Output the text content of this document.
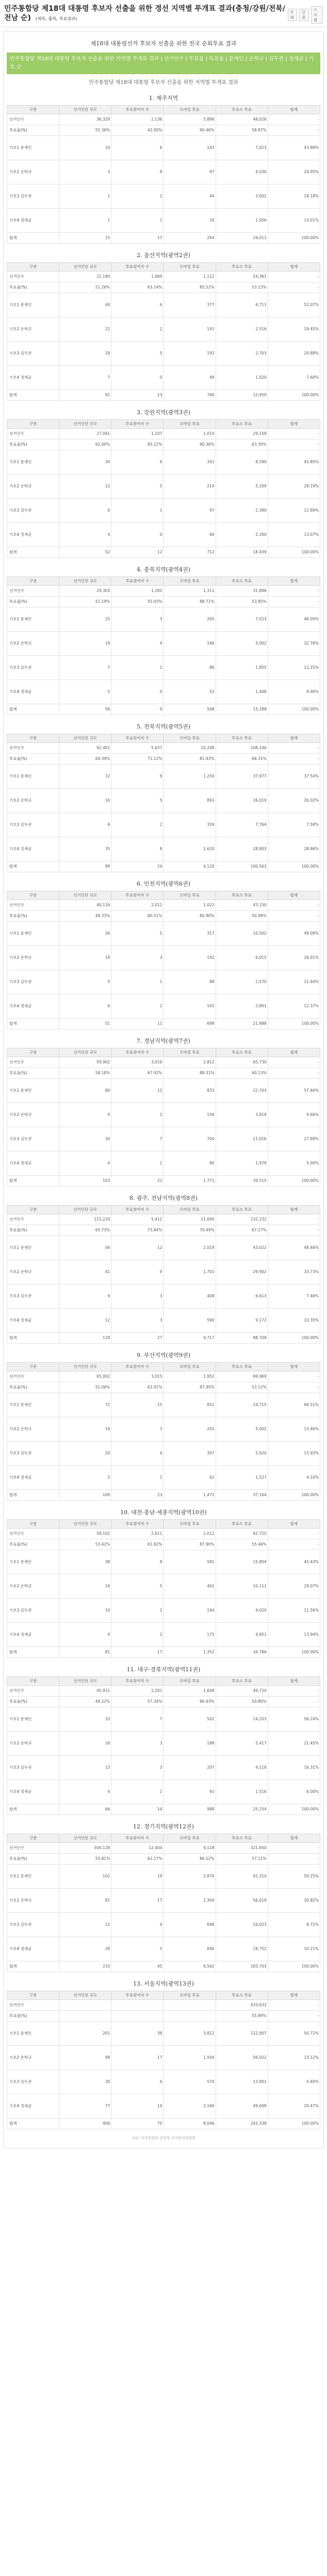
민주통합당 제18대 대통령 후보자 선출을 위한 경선 지역별 투개표 결과(충청/강원/전북/전남 순) (제목, 출처, 투표결과)
인쇄
글꼴
스크랩
제18대 대통령선거 후보자 선출을 위한 전국 순회투표 결과
민주통합당 제18대 대통령 후보자 선출을 위한 지역별 투개표 결과 | 선거인수 | 투표율 | 득표율 | 문재인 | 손학규 | 김두관 | 정세균 | 기호 순
민주통합당 제18대 대통령 후보자 선출을 위한 지역별 투개표 결과
1. 제주지역
구분	선거인단 규모	투표참여자 수	모바일 투표	투표소 투표	합계
선거인수	36,329	2,136	5,896	48,026	-
투표율(%)	55.36%	42.00%	90.46%	58.87%	-
기호1 문재인	10	6	103	7,023	43.88%
기호2 손학규	3	8	97	4,030	24.95%
기호3 김두관	1	2	44	3,002	18.18%
기호4 정세균	1	1	20	1,956	13.01%
합계	15	17	264	16,011	100.00%
2. 울산지역(광역2권)
구분	선거인단 규모	투표참여자 수	모바일 투표	투표소 투표	합계
선거인수	22,180	1,069	1,112	24,361	-
투표율(%)	51.26%	63.14%	85.52%	53.13%	-
기호1 문재인	44	6	377	6,711	52.07%
기호2 손학규	22	2	141	2,516	19.45%
기호3 김두관	18	5	193	2,703	20.88%
기호4 정세균	7	0	49	1,020	7.60%
합계	91	13	760	12,950	100.00%
3. 강원지역(광역3권)
구분	선거인단 규모	투표참여자 수	모바일 투표	투표소 투표	합계
선거인수	27,041	1,107	1,010	29,158	-
투표율(%)	62.00%	65.22%	90.36%	63.30%	-
기호1 문재인	30	6	341	8,590	45.85%
기호2 손학규	12	5	214	5,209	28.19%
기호3 김두관	6	1	97	2,380	12.89%
기호4 정세균	4	0	60	2,260	13.07%
합계	52	12	712	18,439	100.00%
4. 충북지역(광역4권)
구분	선거인단 규모	투표참여자 수	모바일 투표	투표소 투표	합계
선거인수	29,303	1,282	1,311	31,896	-
투표율(%)	51.19%	55.93%	88.71%	53.85%	-
기호1 문재인	25	3	205	7,023	46.09%
기호2 손학규	19	4	166	5,002	32.76%
기호3 김두관	7	2	86	1,855	12.25%
기호4 정세균	5	0	51	1,408	8.90%
합계	56	9	508	15,288	100.00%
5. 전북지역(광역5권)
구분	선거인단 규모	투표참여자 수	모바일 투표	투표소 투표	합계
선거인수	92,401	5,637	10,208	108,246	-
투표율(%)	64.39%	71.12%	81.43%	66.31%	-
기호1 문재인	32	9	1,250	37,977	37.54%
기호2 손학규	16	5	891	26,019	26.02%
기호3 김두관	6	2	359	7,764	7.58%
기호4 정세균	35	8	1,620	28,803	28.86%
합계	89	24	4,120	100,563	100.00%
6. 인천지역(광역6권)
구분	선거인단 규모	투표참여자 수	모바일 투표	투표소 투표	합계
선거인수	40,116	2,012	1,022	43,150	-
투표율(%)	49.33%	60.51%	80.80%	50.98%	-
기호1 문재인	26	5	317	10,502	49.08%
기호2 손학규	14	3	192	6,015	26.91%
기호3 김두관	5	1	88	2,570	11.64%
기호4 정세균	6	2	101	2,801	12.37%
합계	51	11	698	21,888	100.00%
7. 경남지역(광역7권)
구분	선거인단 규모	투표참여자 수	모바일 투표	투표소 투표	합계
선거인수	59,902	3,016	2,812	65,730	-
투표율(%)	58.18%	67.92%	88.31%	60.13%	-
기호1 문재인	60	12	831	22,703	57.46%
기호2 손학규	9	2	156	3,818	9.66%
기호3 김두관	30	7	704	11,016	27.88%
기호4 정세균	4	1	80	1,978	5.00%
합계	103	22	1,771	39,515	100.00%
8. 광주, 전남지역(광역8권)
구분	선거인단 규모	투표참여자 수	모바일 투표	투표소 투표	합계
선거인수	115,220	5,412	11,600	132,232	-
투표율(%)	65.73%	73.84%	79.49%	67.27%	-
기호1 문재인	56	12	2,018	43,022	48.46%
기호2 손학규	41	9	1,701	29,902	33.73%
기호3 김두관	9	3	408	6,613	7.46%
기호4 정세균	12	3	590	9,172	10.35%
합계	118	27	4,717	88,709	100.00%
9. 부산지역(광역9권)
구분	선거인단 규모	투표참여자 수	모바일 투표	투표소 투표	합계
선거인수	65,002	3,015	1,952	69,969	-
투표율(%)	51.06%	63.91%	87.95%	53.12%	-
기호1 문재인	72	15	812	24,715	66.51%
기호2 손학규	14	3	201	5,002	13.46%
기호3 김두관	20	4	397	5,920	15.93%
기호4 정세균	3	1	62	1,527	4.10%
합계	109	23	1,472	37,164	100.00%
10. 대전·충남·세종지역(광역10권)
구분	선거인단 규모	투표참여자 수	모바일 투표	투표소 투표	합계
선거인수	58,102	2,611	2,012	62,725	-
투표율(%)	53.42%	61.82%	87.90%	55.46%	-
기호1 문재인	38	8	581	15,804	45.43%
기호2 손학규	24	5	402	10,111	29.07%
기호3 김두관	10	2	194	4,020	11.56%
기호4 정세균	9	2	175	4,851	13.94%
합계	81	17	1,352	34,786	100.00%
11. 대구·경북지역(광역11권)
구분	선거인단 규모	투표참여자 수	모바일 투표	투표소 투표	합계
선거인수	45,911	2,201	1,608	49,720	-
투표율(%)	49.22%	57.34%	86.93%	50.80%	-
기호1 문재인	33	7	502	14,203	56.24%
기호2 손학규	16	3	188	5,417	21.45%
기호3 김두관	13	3	207	4,118	16.31%
기호4 정세균	4	1	91	1,516	6.00%
합계	66	14	988	25,254	100.00%
12. 경기지역(광역12권)
구분	선거인단 규모	투표참여자 수	모바일 투표	투표소 투표	합계
선거인수	300,128	12,404	9,118	321,650	-
투표율(%)	55.81%	62.27%	86.12%	57.11%	-
기호1 문재인	102	19	2,870	92,310	50.25%
기호2 손학규	81	17	2,304	56,618	30.82%
기호3 김두관	22	4	698	16,023	8.72%
기호4 정세균	28	5	690	18,752	10.21%
합계	233	45	6,562	183,703	100.00%
13. 서울지역(광역13권)
구분	선거인단 규모	투표참여자 수	모바일 투표	투표소 투표	합계
선거인수				433,631	-
투표율(%)				55.89%	-
기호1 문재인	201	38	3,812	122,907	50.72%
기호2 손학규	98	17	1,504	56,022	23.12%
기호3 김두관	30	6	570	13,801	5.69%
기호4 정세균	77	14	2,160	49,608	20.47%
합계	406	75	8,046	242,338	100.00%
자료: 민주통합당 중앙당 선거관리위원회
